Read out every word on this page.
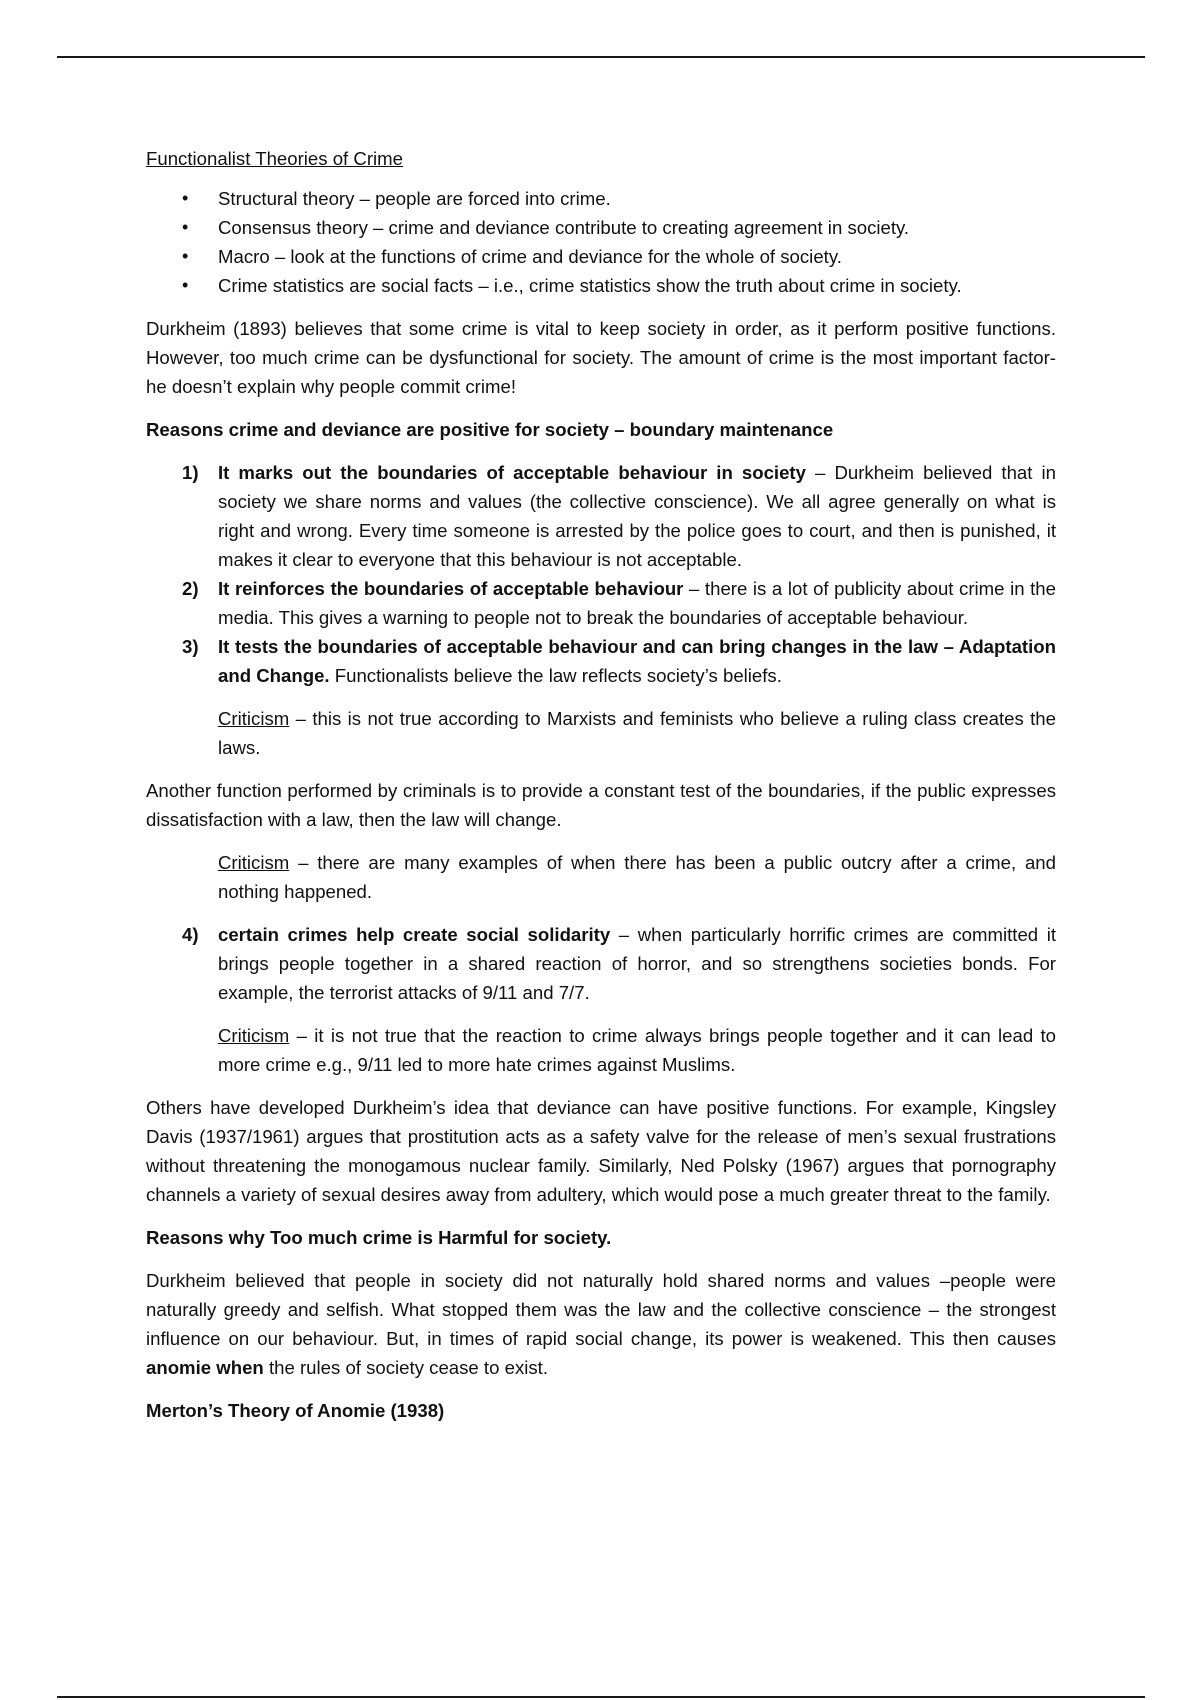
Functionalist Theories of Crime

• Structural theory – people are forced into crime.
• Consensus theory – crime and deviance contribute to creating agreement in society.
• Macro – look at the functions of crime and deviance for the whole of society.
• Crime statistics are social facts – i.e., crime statistics show the truth about crime in society.

Durkheim (1893) believes that some crime is vital to keep society in order, as it perform positive functions. However, too much crime can be dysfunctional for society. The amount of crime is the most important factor- he doesn’t explain why people commit crime!

Reasons crime and deviance are positive for society – boundary maintenance

1) It marks out the boundaries of acceptable behaviour in society – Durkheim believed that in society we share norms and values (the collective conscience). We all agree generally on what is right and wrong. Every time someone is arrested by the police goes to court, and then is punished, it makes it clear to everyone that this behaviour is not acceptable.
2) It reinforces the boundaries of acceptable behaviour – there is a lot of publicity about crime in the media. This gives a warning to people not to break the boundaries of acceptable behaviour.
3) It tests the boundaries of acceptable behaviour and can bring changes in the law – Adaptation and Change. Functionalists believe the law reflects society’s beliefs.

Criticism – this is not true according to Marxists and feminists who believe a ruling class creates the laws.

Another function performed by criminals is to provide a constant test of the boundaries, if the public expresses dissatisfaction with a law, then the law will change.

Criticism – there are many examples of when there has been a public outcry after a crime, and nothing happened.

4) certain crimes help create social solidarity – when particularly horrific crimes are committed it brings people together in a shared reaction of horror, and so strengthens societies bonds. For example, the terrorist attacks of 9/11 and 7/7.

Criticism – it is not true that the reaction to crime always brings people together and it can lead to more crime e.g., 9/11 led to more hate crimes against Muslims.

Others have developed Durkheim’s idea that deviance can have positive functions. For example, Kingsley Davis (1937/1961) argues that prostitution acts as a safety valve for the release of men’s sexual frustrations without threatening the monogamous nuclear family. Similarly, Ned Polsky (1967) argues that pornography channels a variety of sexual desires away from adultery, which would pose a much greater threat to the family.

Reasons why Too much crime is Harmful for society.

Durkheim believed that people in society did not naturally hold shared norms and values –people were naturally greedy and selfish. What stopped them was the law and the collective conscience – the strongest influence on our behaviour. But, in times of rapid social change, its power is weakened. This then causes anomie when the rules of society cease to exist.

Merton’s Theory of Anomie (1938)
